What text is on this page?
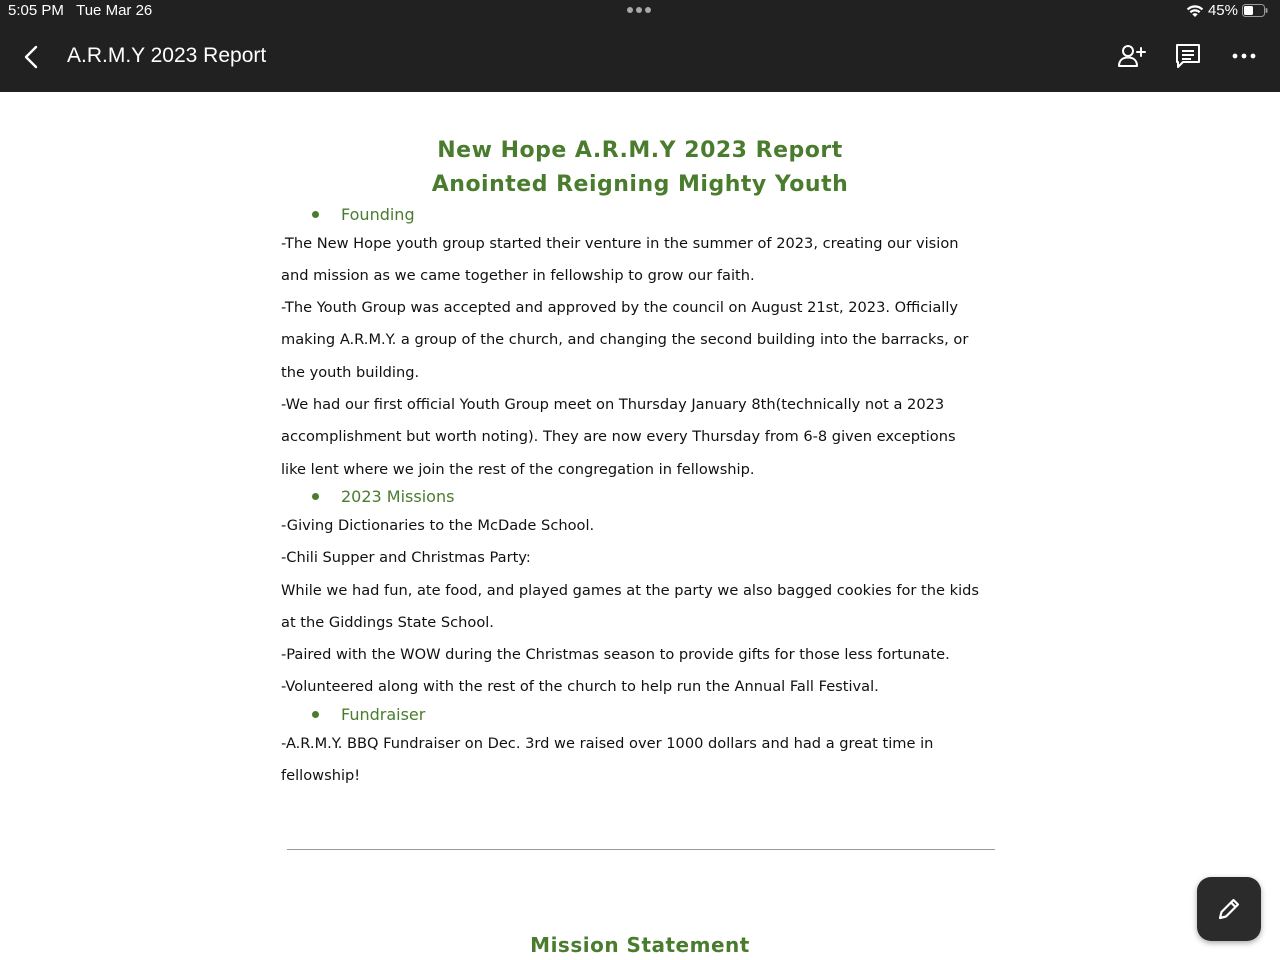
5:05 PM Tue Mar 26	45%
A.R.M.Y 2023 Report
New Hope A.R.M.Y 2023 Report
Anointed Reigning Mighty Youth
Founding
-The New Hope youth group started their venture in the summer of 2023, creating our vision
and mission as we came together in fellowship to grow our faith.
-The Youth Group was accepted and approved by the council on August 21st, 2023. Officially
making A.R.M.Y. a group of the church, and changing the second building into the barracks, or
the youth building.
-We had our first official Youth Group meet on Thursday January 8th(technically not a 2023
accomplishment but worth noting). They are now every Thursday from 6-8 given exceptions
like lent where we join the rest of the congregation in fellowship.
2023 Missions
-Giving Dictionaries to the McDade School.
-Chili Supper and Christmas Party:
While we had fun, ate food, and played games at the party we also bagged cookies for the kids
at the Giddings State School.
-Paired with the WOW during the Christmas season to provide gifts for those less fortunate.
-Volunteered along with the rest of the church to help run the Annual Fall Festival.
Fundraiser
-A.R.M.Y. BBQ Fundraiser on Dec. 3rd we raised over 1000 dollars and had a great time in
fellowship!
Mission Statement
